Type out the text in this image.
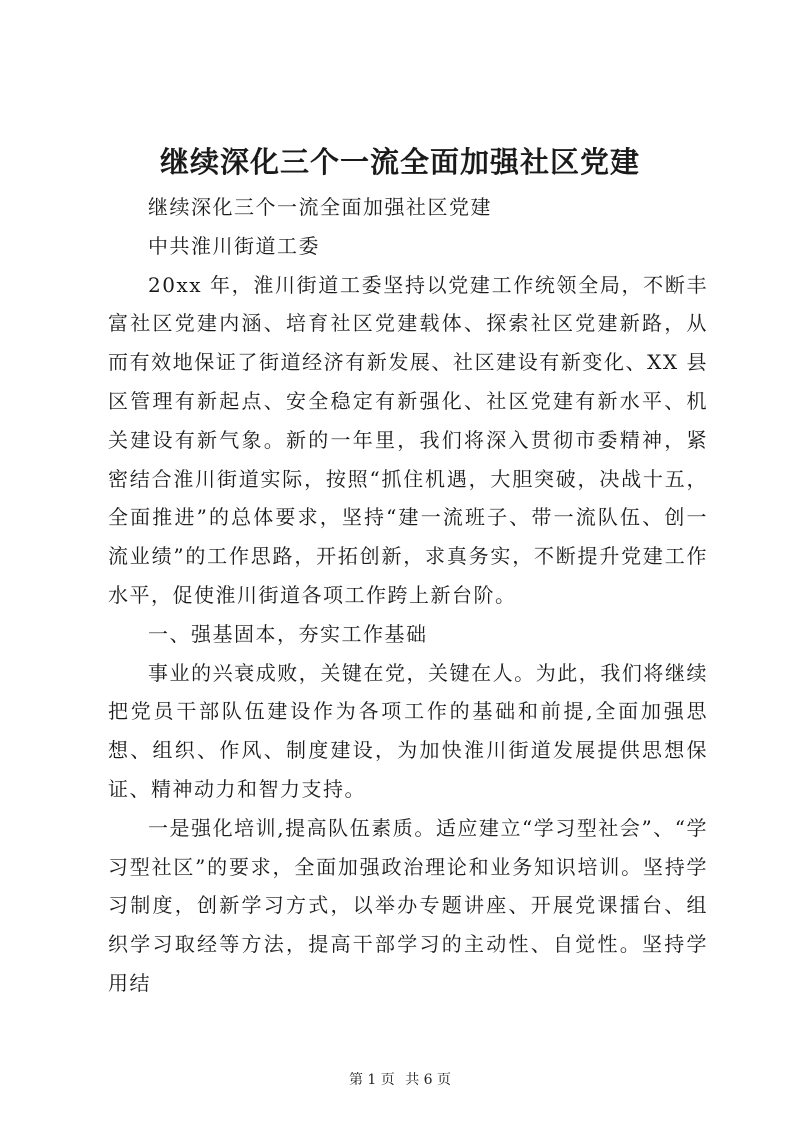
继续深化三个一流全面加强社区党建

继续深化三个一流全面加强社区党建

中共淮川街道工委

20xx 年，淮川街道工委坚持以党建工作统领全局，不断丰富社区党建内涵、培育社区党建载体、探索社区党建新路，从而有效地保证了街道经济有新发展、社区建设有新变化、XX 县区管理有新起点、安全稳定有新强化、社区党建有新水平、机关建设有新气象。新的一年里，我们将深入贯彻市委精神，紧密结合淮川街道实际，按照“抓住机遇，大胆突破，决战十五，全面推进”的总体要求，坚持“建一流班子、带一流队伍、创一流业绩”的工作思路，开拓创新，求真务实，不断提升党建工作水平，促使淮川街道各项工作跨上新台阶。

一、强基固本，夯实工作基础

事业的兴衰成败，关键在党，关键在人。为此，我们将继续把党员干部队伍建设作为各项工作的基础和前提,全面加强思想、组织、作风、制度建设，为加快淮川街道发展提供思想保证、精神动力和智力支持。

一是强化培训,提高队伍素质。适应建立“学习型社会”、“学习型社区”的要求，全面加强政治理论和业务知识培训。坚持学习制度，创新学习方式，以举办专题讲座、开展党课擂台、组织学习取经等方法，提高干部学习的主动性、自觉性。坚持学用结

第 1 页 共 6 页
